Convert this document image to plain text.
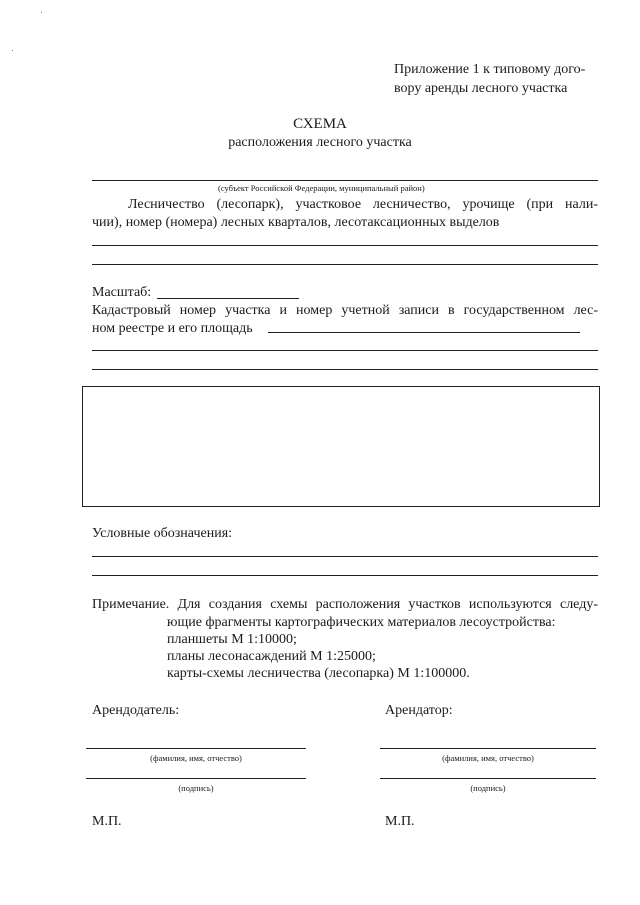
Приложение 1 к типовому дого-
вору аренды лесного участка
СХЕМА
расположения лесного участка
(субъект Российской Федерации, муниципальный район)
Лесничество (лесопарк), участковое лесничество, урочище (при нали-
чии), номер (номера) лесных кварталов, лесотаксационных выделов
Масштаб:
Кадастровый номер участка и номер учетной записи в государственном лес-
ном реестре и его площадь
Условные обозначения:
Примечание. Для создания схемы расположения участков используются следу-
ющие фрагменты картографических материалов лесоустройства:
планшеты М 1:10000;
планы лесонасаждений М 1:25000;
карты-схемы лесничества (лесопарка) М 1:100000.
Арендодатель:
(фамилия, имя, отчество)
(подпись)
М.П.
Арендатор:
(фамилия, имя, отчество)
(подпись)
М.П.
